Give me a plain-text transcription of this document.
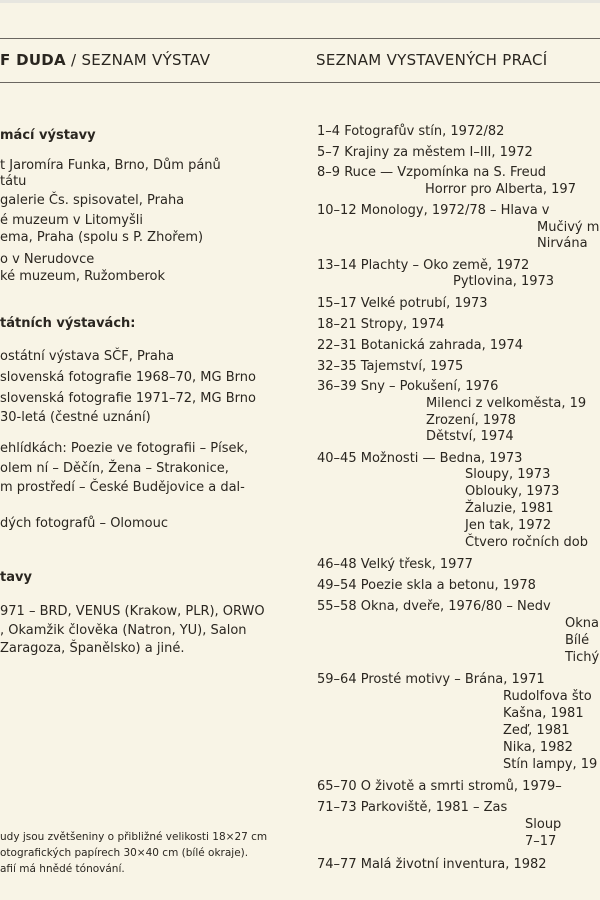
F DUDA / SEZNAM VÝSTAV	SEZNAM VYSTAVENÝCH PRACÍ
mácí výstavy
t Jaromíra Funka, Brno, Dům pánů
tátu
galerie Čs. spisovatel, Praha
é muzeum v Litomyšli
ema, Praha (spolu s P. Zhořem)
o v Nerudovce
ké muzeum, Ružomberok
tátních výstavách:
ostátní výstava SČF, Praha
slovenská fotografie 1968–70, MG Brno
slovenská fotografie 1971–72, MG Brno
30-letá (čestné uznání)
ehlídkách: Poezie ve fotografii – Písek,
olem ní – Děčín, Žena – Strakonice,
m prostředí – České Budějovice a dal-
dých fotografů – Olomouc
tavy
971 – BRD, VENUS (Krakow, PLR), ORWO
, Okamžik člověka (Natron, YU), Salon
Zaragoza, Španělsko) a jiné.
udy jsou zvětšeniny o přibližné velikosti 18×27 cm
otografických papírech 30×40 cm (bílé okraje).
afií má hnědé tónování.
1–4 Fotografův stín, 1972/82
5–7 Krajiny za městem I–III, 1972
8–9 Ruce — Vzpomínka na S. Freud
Horror pro Alberta, 197
10–12 Monology, 1972/78 – Hlava v
Mučivý m
Nirvána
13–14 Plachty – Oko země, 1972
Pytlovina, 1973
15–17 Velké potrubí, 1973
18–21 Stropy, 1974
22–31 Botanická zahrada, 1974
32–35 Tajemství, 1975
36–39 Sny – Pokušení, 1976
Milenci z velkoměsta, 19
Zrození, 1978
Dětství, 1974
40–45 Možnosti — Bedna, 1973
Sloupy, 1973
Oblouky, 1973
Žaluzie, 1981
Jen tak, 1972
Čtvero ročních dob
46–48 Velký třesk, 1977
49–54 Poezie skla a betonu, 1978
55–58 Okna, dveře, 1976/80 – Nedv
Okna
Bílé
Tichý
59–64 Prosté motivy – Brána, 1971
Rudolfova što
Kašna, 1981
Zeď, 1981
Nika, 1982
Stín lampy, 19
65–70 O životě a smrti stromů, 1979–
71–73 Parkoviště, 1981 – Zas
Sloup
7–17
74–77 Malá životní inventura, 1982
